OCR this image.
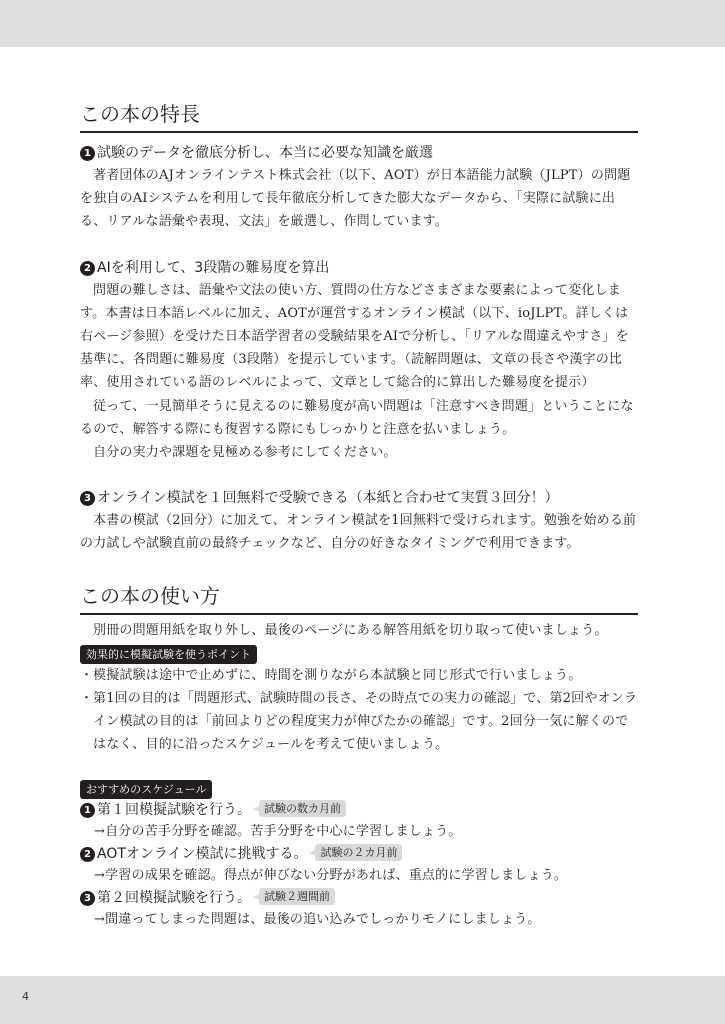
この本の特長

1 試験のデータを徹底分析し、本当に必要な知識を厳選

著者団体のAJオンラインテスト株式会社（以下、AOT）が日本語能力試験（JLPT）の問題を独自のAIシステムを利用して長年徹底分析してきた膨大なデータから、「実際に試験に出る、リアルな語彙や表現、文法」を厳選し、作問しています。

2 AIを利用して、3段階の難易度を算出

問題の難しさは、語彙や文法の使い方、質問の仕方などさまざまな要素によって変化します。本書は日本語レベルに加え、AOTが運営するオンライン模試（以下、ioJLPT。詳しくは右ページ参照）を受けた日本語学習者の受験結果をAIで分析し、「リアルな間違えやすさ」を基準に、各問題に難易度（3段階）を提示しています。（読解問題は、文章の長さや漢字の比率、使用されている語のレベルによって、文章として総合的に算出した難易度を提示）

従って、一見簡単そうに見えるのに難易度が高い問題は「注意すべき問題」ということになるので、解答する際にも復習する際にもしっかりと注意を払いましょう。

自分の実力や課題を見極める参考にしてください。

3 オンライン模試を１回無料で受験できる（本紙と合わせて実質３回分！）

本書の模試（2回分）に加えて、オンライン模試を1回無料で受けられます。勉強を始める前の力試しや試験直前の最終チェックなど、自分の好きなタイミングで利用できます。

この本の使い方

別冊の問題用紙を取り外し、最後のページにある解答用紙を切り取って使いましょう。

効果的に模擬試験を使うポイント
・模擬試験は途中で止めずに、時間を測りながら本試験と同じ形式で行いましょう。
・第1回の目的は「問題形式、試験時間の長さ、その時点での実力の確認」で、第2回やオンライン模試の目的は「前回よりどの程度実力が伸びたかの確認」です。2回分一気に解くのではなく、目的に沿ったスケジュールを考えて使いましょう。
おすすめのスケジュール

1 第１回模擬試験を行う。 試験の数カ月前

→自分の苦手分野を確認。苦手分野を中心に学習しましょう。

2 AOTオンライン模試に挑戦する。 試験の２カ月前

→学習の成果を確認。得点が伸びない分野があれば、重点的に学習しましょう。

3 第２回模擬試験を行う。 試験２週間前

→間違ってしまった問題は、最後の追い込みでしっかりモノにしましょう。

4
